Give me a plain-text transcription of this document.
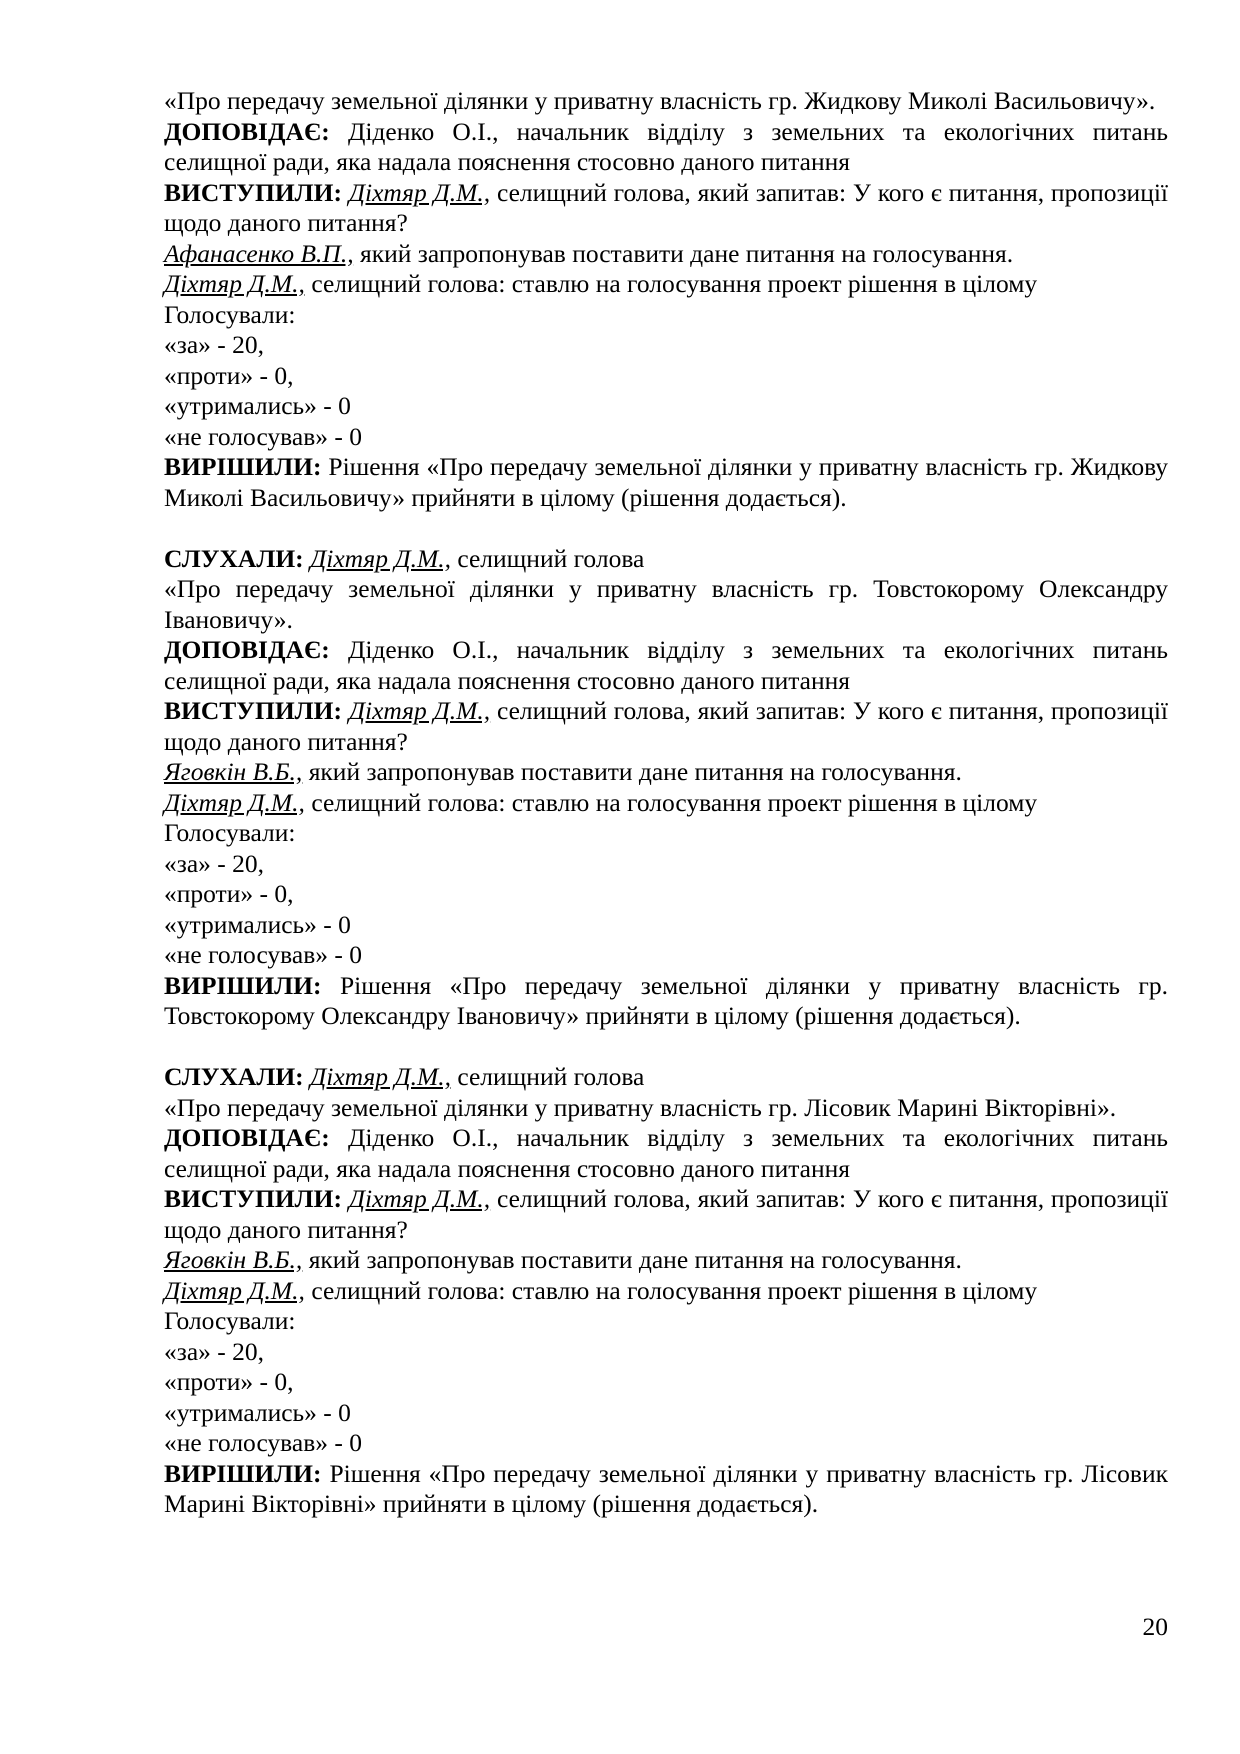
«Про передачу земельної ділянки у приватну власність гр. Жидкову Миколі Васильовичу».

ДОПОВІДАЄ: Діденко О.І., начальник відділу з земельних та екологічних питань селищної ради, яка надала пояснення стосовно даного питання

ВИСТУПИЛИ: Діхтяр Д.М., селищний голова, який запитав: У кого є питання, пропозиції щодо даного питання?

Афанасенко В.П., який запропонував поставити дане питання на голосування.

Діхтяр Д.М., селищний голова: ставлю на голосування проект рішення в цілому

Голосували:

«за» - 20,

«проти» - 0,

«утримались» - 0

«не голосував» - 0

ВИРІШИЛИ: Рішення «Про передачу земельної ділянки у приватну власність гр. Жидкову Миколі Васильовичу» прийняти в цілому (рішення додається).

СЛУХАЛИ: Діхтяр Д.М., селищний голова

«Про передачу земельної ділянки у приватну власність гр. Товстокорому Олександру Івановичу».

ДОПОВІДАЄ: Діденко О.І., начальник відділу з земельних та екологічних питань селищної ради, яка надала пояснення стосовно даного питання

ВИСТУПИЛИ: Діхтяр Д.М., селищний голова, який запитав: У кого є питання, пропозиції щодо даного питання?

Яговкін В.Б., який запропонував поставити дане питання на голосування.

Діхтяр Д.М., селищний голова: ставлю на голосування проект рішення в цілому

Голосували:

«за» - 20,

«проти» - 0,

«утримались» - 0

«не голосував» - 0

ВИРІШИЛИ: Рішення «Про передачу земельної ділянки у приватну власність гр. Товстокорому Олександру Івановичу» прийняти в цілому (рішення додається).

СЛУХАЛИ: Діхтяр Д.М., селищний голова

«Про передачу земельної ділянки у приватну власність гр. Лісовик Марині Вікторівні».

ДОПОВІДАЄ: Діденко О.І., начальник відділу з земельних та екологічних питань селищної ради, яка надала пояснення стосовно даного питання

ВИСТУПИЛИ: Діхтяр Д.М., селищний голова, який запитав: У кого є питання, пропозиції щодо даного питання?

Яговкін В.Б., який запропонував поставити дане питання на голосування.

Діхтяр Д.М., селищний голова: ставлю на голосування проект рішення в цілому

Голосували:

«за» - 20,

«проти» - 0,

«утримались» - 0

«не голосував» - 0

ВИРІШИЛИ: Рішення «Про передачу земельної ділянки у приватну власність гр. Лісовик Марині Вікторівні» прийняти в цілому (рішення додається).

20
